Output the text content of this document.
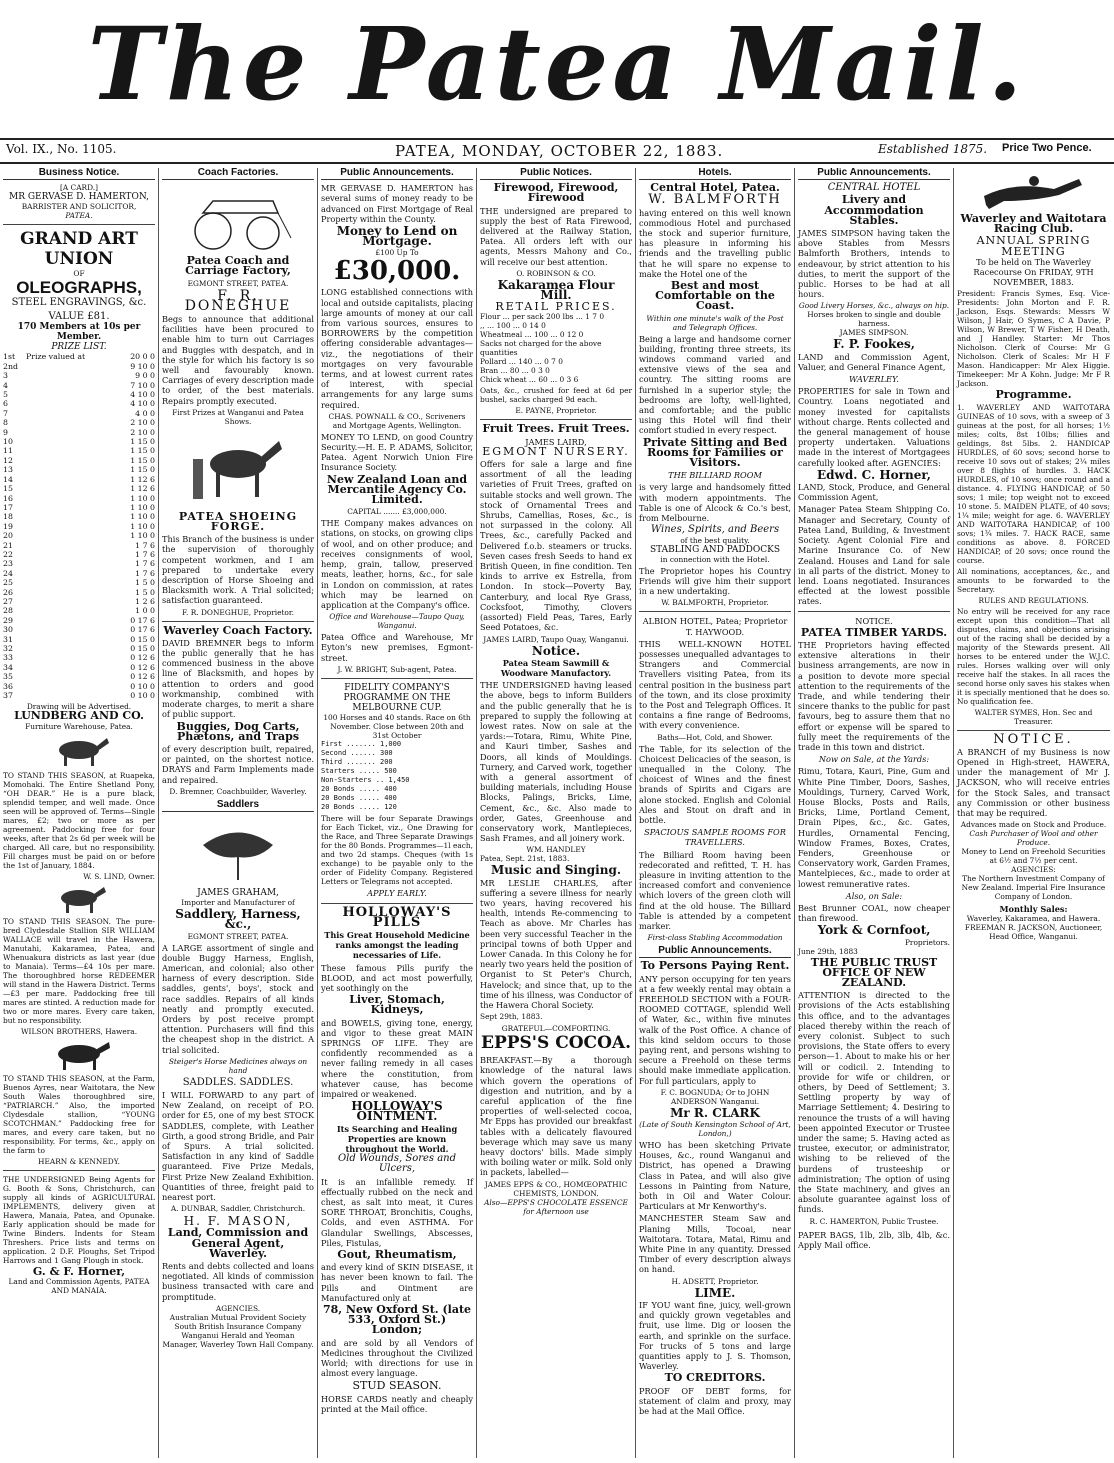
The Patea Mail.
Vol. IX., No. 1105.	PATEA, MONDAY, OCTOBER 22, 1883.	Established 1875. Price Two Pence.
Business Notice.
[A CARD.]
MR GERVASE D. HAMERTON,
BARRISTER AND SOLICITOR,
PATEA.
GRAND ART UNION
OF
OLEOGRAPHS,
STEEL ENGRAVINGS, &c.
VALUE £81.
170 Members at 10s per Member.
PRIZE LIST.
1st	Prize valued at	20 0 0
2nd		9 10 0
3		9 0 0
4		7 10 0
5		4 10 0
6		4 10 0
7		4 0 0
8		2 10 0
9		2 10 0
10		1 15 0
11		1 15 0
12		1 15 0
13		1 15 0
14		1 12 6
15		1 12 6
16		1 10 0
17		1 10 0
18		1 10 0
19		1 10 0
20		1 10 0
21		1 7 6
22		1 7 6
23		1 7 6
24		1 7 6
25		1 5 0
26		1 5 0
27		1 2 6
28		1 0 0
29		0 17 6
30		0 17 6
31		0 15 0
32		0 15 0
33		0 12 6
34		0 12 6
35		0 12 6
36		0 10 0
37		0 10 0
Drawing will be Advertised.
LUNDBERG AND CO.
Furniture Warehouse, Patea.

TO STAND THIS SEASON, at Ruapeka, Momohaki. The Entire Shetland Pony, “OH DEAR.” He is a pure black, splendid temper, and well made. Once seen will be approved of. Terms—Single mares, £2; two or more as per agreement. Paddocking free for four weeks, after that 2s 6d per week will be charged. All care, but no responsibility. Fill charges must be paid on or before the 1st of January, 1884.

W. S. LIND, Owner.

TO STAND THIS SEASON. The pure-bred Clydesdale Stallion SIR WILLIAM WALLACE will travel in the Hawera, Manutahi, Kakaramea, Patea, and Whenuakura districts as last year (due to Manaia). Terms—£4 10s per mare. The thoroughbred horse REDEEMER will stand in the Hawera District. Terms—£3 per mare. Paddocking free till mares are stinted. A reduction made for two or more mares. Every care taken, but no responsibility.

WILSON BROTHERS, Hawera.

TO STAND THIS SEASON, at the Farm, Buenos Ayres, near Waitotara, the New South Wales thoroughbred sire, “PATRIARCH.” Also, the imported Clydesdale stallion, “YOUNG SCOTCHMAN.” Paddocking free for mares, and every care taken, but no responsibility. For terms, &c., apply on the farm to

HEARN & KENNEDY.

THE UNDERSIGNED Being Agents for G. Booth & Sons, Christchurch, can supply all kinds of AGRICULTURAL IMPLEMENTS, delivery given at Hawera, Manaia, Patea, and Opunake. Early application should be made for Twine Binders. Indents for Steam Threshers. Price lists and terms on application. 2 D.F. Ploughs, Set Tripod Harrows and 1 Gang Plough in stock.

G. & F. Horner,
Land and Commission Agents, PATEA AND MANAIA.
Coach Factories.
Patea Coach and Carriage Factory,
EGMONT STREET, PATEA.
F. R. DONEGHUE

Begs to announce that additional facilities have been procured to enable him to turn out Carriages and Buggies with despatch, and in the style for which his factory is so well and favourably known. Carriages of every description made to order, of the best materials. Repairs promptly executed.

First Prizes at Wanganui and Patea Shows.
PATEA SHOEING FORGE.

This Branch of the business is under the supervision of thoroughly competent workmen, and I am prepared to undertake every description of Horse Shoeing and Blacksmith work. A Trial solicited; satisfaction guaranteed.

F. R. DONEGHUE, Proprietor.
Waverley Coach Factory.

DAVID BREMNER begs to inform the public generally that he has commenced business in the above line of Blacksmith, and hopes by attention to orders and good workmanship, combined with moderate charges, to merit a share of public support.

Buggies, Dog Carts, Phætons, and Traps

of every description built, repaired, or painted, on the shortest notice. DRAYS and Farm Implements made and repaired.

D. Bremner, Coachbuilder, Waverley.
Saddlers
JAMES GRAHAM,
Importer and Manufacturer of
Saddlery, Harness, &c.,
EGMONT STREET, PATEA.

A LARGE assortment of single and double Buggy Harness, English, American, and colonial; also other harness of every description. Side saddles, gents', boys', stock and race saddles. Repairs of all kinds neatly and promptly executed. Orders by post receive prompt attention. Purchasers will find this the cheapest shop in the district. A trial solicited.

Steiger's Horse Medicines always on hand
SADDLES. SADDLES.

I WILL FORWARD to any part of New Zealand, on receipt of P.O. order for £5, one of my best STOCK SADDLES, complete, with Leather Girth, a good strong Bridle, and Pair of Spurs. A trial solicited. Satisfaction in any kind of Saddle guaranteed. Five Prize Medals, First Prize New Zealand Exhibition. Quantities of three, freight paid to nearest port.

A. DUNBAR, Saddler, Christchurch.
H. F. MASON,
Land, Commission and General Agent, Waverley.

Rents and debts collected and loans negotiated. All kinds of commission business transacted with care and promptitude.

AGENCIES.
Australian Mutual Provident Society South British Insurance Company Wanganui Herald and Yeoman
Manager, Waverley Town Hall Company.
Public Announcements.

MR GERVASE D. HAMERTON has several sums of money ready to be advanced on First Mortgage of Real Property within the County.

Money to Lend on Mortgage.
£100 Up To
£30,000.

LONG established connections with local and outside capitalists, placing large amounts of money at our call from various sources, ensures to BORROWERS by the competition offering considerable advantages—viz., the negotiations of their mortgages on very favourable terms, and at lowest current rates of interest, with special arrangements for any large sums required.

CHAS. POWNALL & CO., Scriveners and Mortgage Agents, Wellington.

MONEY TO LEND, on good Country Security.—H. E. P. ADAMS, Solicitor, Patea. Agent Norwich Union Fire Insurance Society.

New Zealand Loan and Mercantile Agency Co. Limited.
CAPITAL ....... £3,000,000.

THE Company makes advances on stations, on stocks, on growing clips of wool, and on other produce; and receives consignments of wool, hemp, grain, tallow, preserved meats, leather, horns, &c., for sale in London on commission, at rates which may be learned on application at the Company's office.

Office and Warehouse—Taupo Quay, Wanganui.

Patea Office and Warehouse, Mr Eyton's new premises, Egmont-street.

J. W. BRIGHT, Sub-agent, Patea.
FIDELITY COMPANY'S PROGRAMME ON THE MELBOURNE CUP.
100 Horses and 40 stands. Race on 6th November. Close between 20th and 31st October
First ....... 1,000
Second ...... 300
Third ....... 200
Starters ..... 500
Non-Starters .. 1,450
20 Bonds ..... 400
20 Bonds ..... 400
20 Bonds ..... 120

There will be four Separate Drawings for Each Ticket, viz., One Drawing for the Race, and Three Separate Drawings for the 80 Bonds. Programmes—1l each, and two 2d stamps. Cheques (with 1s exchange) to be payable only to the order of Fidelity Company. Registered Letters or Telegrams not accepted.

APPLY EARLY.
HOLLOWAY'S PILLS
This Great Household Medicine ranks amongst the leading necessaries of Life.

These famous Pills purify the BLOOD, and act most powerfully, yet soothingly on the

Liver, Stomach, Kidneys,

and BOWELS, giving tone, energy, and vigor to these great MAIN SPRINGS OF LIFE. They are confidently recommended as a never failing remedy in all cases where the constitution, from whatever cause, has become impaired or weakened.

HOLLOWAY'S OINTMENT.
Its Searching and Healing Properties are known throughout the World.
Old Wounds, Sores and Ulcers,

It is an infallible remedy. If effectually rubbed on the neck and chest, as salt into meat, it Cures SORE THROAT, Bronchitis, Coughs, Colds, and even ASTHMA. For Glandular Swellings, Abscesses, Piles, Fistulas,

Gout, Rheumatism,

and every kind of SKIN DISEASE, it has never been known to fail. The Pills and Ointment are Manufactured only at

78, New Oxford St. (late 533, Oxford St.) London;

and are sold by all Vendors of Medicines throughout the Civilized World; with directions for use in almost every language.

STUD SEASON.

HORSE CARDS neatly and cheaply printed at the Mail office.

Public Notices.
Firewood, Firewood, Firewood

THE undersigned are prepared to supply the best of Rata Firewood, delivered at the Railway Station, Patea. All orders left with our agents, Messrs Mahony and Co., will receive our best attention.

O. ROBINSON & CO.
Kakaramea Flour Mill.
RETAIL PRICES.
Flour ... per sack 200 lbs ... 1 7 0
,, ... 100 ... 0 14 0
Wheatmeal ... 100 ... 0 12 0
Sacks not charged for the above quantities
Pollard ... 140 ... 0 7 0
Bran ... 80 ... 0 3 0
Chick wheat ... 60 ... 0 3 6

Oats, &c., crushed for feed at 6d per bushel, sacks charged 9d each.

E. PAYNE, Proprietor.
Fruit Trees. Fruit Trees.
JAMES LAIRD,
EGMONT NURSERY.

Offers for sale a large and fine assortment of all the leading varieties of Fruit Trees, grafted on suitable stocks and well grown. The stock of Ornamental Trees and Shrubs, Camellias, Roses, &c., is not surpassed in the colony. All Trees, &c., carefully Packed and Delivered f.o.b. steamers or trucks. Seven cases fresh Seeds to hand ex British Queen, in fine condition. Ten kinds to arrive ex Estrella, from London. In stock—Poverty Bay, Canterbury, and local Rye Grass, Cocksfoot, Timothy, Clovers (assorted) Field Peas, Tares, Early Seed Potatoes, &c.

JAMES LAIRD, Taupo Quay, Wanganui.
Notice.
Patea Steam Sawmill & Woodware Manufactory.

THE UNDERSIGNED having leased the above, begs to inform Builders and the public generally that he is prepared to supply the following at lowest rates. Now on sale at the yards:—Totara, Rimu, White Pine, and Kauri timber, Sashes and Doors, all kinds of Mouldings. Turnery, and Carved work, together with a general assortment of building materials, including House Blocks, Palings, Bricks, Lime, Cement, &c., &c. Also made to order, Gates, Greenhouse and conservatory work, Mantlepieces, Sash Frames, and all joinery work.

WM. HANDLEY
Patea, Sept. 21st, 1883.
Music and Singing.

MR LESLIE CHARLES, after suffering a severe illness for nearly two years, having recovered his health, intends Re-commencing to Teach as above. Mr Charles has been very successful Teacher in the principal towns of both Upper and Lower Canada. In this Colony he for nearly two years held the position of Organist to St Peter's Church, Havelock; and since that, up to the time of his illness, was Conductor of the Hawera Choral Society.

Sept 29th, 1883.
GRATEFUL—COMFORTING.
EPPS'S COCOA.

BREAKFAST.—By a thorough knowledge of the natural laws which govern the operations of digestion and nutrition, and by a careful application of the fine properties of well-selected cocoa, Mr Epps has provided our breakfast tables with a delicately flavoured beverage which may save us many heavy doctors' bills. Made simply with boiling water or milk. Sold only in packets, labelled—

JAMES EPPS & CO., HOMŒOPATHIC CHEMISTS, LONDON.
Also—EPPS'S CHOCOLATE ESSENCE for Afternoon use
Hotels.
Central Hotel, Patea.
W. BALMFORTH

having entered on this well known commodious Hotel and purchased the stock and superior furniture, has pleasure in informing his friends and the travelling public that he will spare no expense to make the Hotel one of the

Best and most Comfortable on the Coast.
Within one minute's walk of the Post and Telegraph Offices.

Being a large and handsome corner building, fronting three streets, its windows command varied and extensive views of the sea and country. The sitting rooms are furnished in a superior style; the bedrooms are lofty, well-lighted, and comfortable; and the public using this Hotel will find their comfort studied in every respect.

Private Sitting and Bed Rooms for Families or Visitors.
THE BILLIARD ROOM

is very large and handsomely fitted with modern appointments. The Table is one of Alcock & Co.'s best, from Melbourne.

Wines, Spirits, and Beers
of the best quality.
STABLING AND PADDOCKS
in connection with the Hotel.

The Proprietor hopes his Country Friends will give him their support in a new undertaking.

W. BALMFORTH, Proprietor.
ALBION HOTEL, Patea; Proprietor T. HAYWOOD.

THIS WELL-KNOWN HOTEL possesses unequalled advantages to Strangers and Commercial Travellers visiting Patea, from its central position in the business part of the town, and its close proximity to the Post and Telegraph Offices. It contains a fine range of Bedrooms, with every convenience.

Baths—Hot, Cold, and Shower.

The Table, for its selection of the Choicest Delicacies of the season, is unequalled in the Colony. The choicest of Wines and the finest brands of Spirits and Cigars are alone stocked. English and Colonial Ales and Stout on draft and in bottle.

SPACIOUS SAMPLE ROOMS FOR TRAVELLERS.

The Billiard Room having been redecorated and refitted, T. H. has pleasure in inviting attention to the increased comfort and convenience which lovers of the green cloth will find at the old house. The Billiard Table is attended by a competent marker.

First-class Stabling Accommodation
Public Announcements.
To Persons Paying Rent.

ANY person occupying for ten years at a few weekly rental may obtain a FREEHOLD SECTION with a FOUR-ROOMED COTTAGE, splendid Well of Water, &c., within five minutes walk of the Post Office. A chance of this kind seldom occurs to those paying rent, and persons wishing to secure a Freehold on these terms should make immediate application. For full particulars, apply to

F. C. BOGNUDA; Or to JOHN ANDERSON Wanganui.
Mr R. CLARK
(Late of South Kensington School of Art, London,)

WHO has been sketching Private Houses, &c., round Wanganui and District, has opened a Drawing Class in Patea, and will also give Lessons in Painting from Nature, both in Oil and Water Colour. Particulars at Mr Kenworthy's.

MANCHESTER Steam Saw and Planing Mills, Tocoai, near Waitotara. Totara, Matai, Rimu and White Pine in any quantity. Dressed Timber of every description always on hand.

H. ADSETT, Proprietor.
LIME.

IF YOU want fine, juicy, well-grown and quickly grown vegetables and fruit, use lime. Dig or loosen the earth, and sprinkle on the surface. For trucks of 5 tons and large quantities apply to J. S. Thomson, Waverley.

TO CREDITORS.

PROOF OF DEBT forms, for statement of claim and proxy, may be had at the Mail Office.

Public Announcements.
CENTRAL HOTEL
Livery and Accommodation Stables.

JAMES SIMPSON having taken the above Stables from Messrs Balmforth Brothers, intends to endeavour, by strict attention to his duties, to merit the support of the public. Horses to be had at all hours.

Good Livery Horses, &c., always on hip.
Horses broken to single and double harness.
JAMES SIMPSON.
F. P. Fookes,

LAND and Commission Agent, Valuer, and General Finance Agent,

WAVERLEY.

PROPERTIES for sale in Town and Country. Loans negotiated and money invested for capitalists without charge. Rents collected and the general management of house property undertaken. Valuations made in the interest of Mortgagees carefully looked after. AGENCIES:

Edwd. C. Horner,

LAND, Stock, Produce, and General Commission Agent,

Manager Patea Steam Shipping Co. Manager and Secretary, County of Patea Land, Building, & Investment Society. Agent Colonial Fire and Marine Insurance Co. of New Zealand. Houses and Land for sale in all parts of the district. Money to lend. Loans negotiated. Insurances effected at the lowest possible rates.

NOTICE.
PATEA TIMBER YARDS.

THE Proprietors having effected extensive alterations in their business arrangements, are now in a position to devote more special attention to the requirements of the Trade, and while tendering their sincere thanks to the public for past favours, beg to assure them that no effort or expense will be spared to fully meet the requirements of the trade in this town and district.

Now on Sale, at the Yards:

Rimu, Totara, Kauri, Pine, Gum and White Pine Timber, Doors, Sashes, Mouldings, Turnery, Carved Work, House Blocks, Posts and Rails, Bricks, Lime, Portland Cement, Drain Pipes, &c., &c. Gates, Hurdles, Ornamental Fencing, Window Frames, Boxes, Crates, Fenders, Greenhouse or Conservatory work, Garden Frames, Mantelpieces, &c., made to order at lowest remunerative rates.

Also, on Sale:

Best Brunner COAL, now cheaper than firewood.

York & Cornfoot,
Proprietors.
June 29th, 1883
THE PUBLIC TRUST OFFICE OF NEW ZEALAND.

ATTENTION is directed to the provisions of the Acts establishing this office, and to the advantages placed thereby within the reach of every colonist. Subject to such provisions, the State offers to every person—1. About to make his or her will or codicil. 2. Intending to provide for wife or children, or others, by Deed of Settlement; 3. Settling property by way of Marriage Settlement; 4. Desiring to renounce the trusts of a will having been appointed Executor or Trustee under the same; 5. Having acted as trustee, executor, or administrator, wishing to be relieved of the burdens of trusteeship or administration; The option of using the State machinery, and gives an absolute guarantee against loss of funds.

R. C. HAMERTON, Public Trustee.

PAPER BAGS, 1lb, 2lb, 3lb, 4lb, &c. Apply Mail office.

Waverley and Waitotara Racing Club.
ANNUAL SPRING MEETING
To be held on The Waverley Racecourse On FRIDAY, 9TH NOVEMBER, 1883.

President: Francis Symes, Esq. Vice-Presidents: John Morton and F. R. Jackson, Esqs. Stewards: Messrs W Wilson, J Hair, O Symes, C A Davie, P Wilson, W Brewer, T W Fisher, H Death, and J Handley. Starter: Mr Thos Nicholson. Clerk of Course: Mr G Nicholson. Clerk of Scales: Mr H F Mason. Handicapper: Mr Alex Higgie. Timekeeper: Mr A Kohn. Judge: Mr F R Jackson.

Programme.

1. WAVERLEY AND WAITOTARA GUINEAS of 10 sovs, with a sweep of 3 guineas at the post, for all horses; 1½ miles; colts, 8st 10lbs; fillies and geldings, 8st 5lbs. 2. HANDICAP HURDLES, of 60 sovs; second horse to receive 10 sovs out of stakes; 2¼ miles over 8 flights of hurdles. 3. HACK HURDLES, of 10 sovs; once round and a distance. 4. FLYING HANDICAP, of 50 sovs; 1 mile; top weight not to exceed 10 stone. 5. MAIDEN PLATE, of 40 sovs; 1¼ mile; weight for age. 6. WAVERLEY AND WAITOTARA HANDICAP, of 100 sovs; 1¾ miles. 7. HACK RACE, same conditions as above. 8. FORCED HANDICAP, of 20 sovs; once round the course.

All nominations, acceptances, &c., and amounts to be forwarded to the Secretary.

RULES AND REGULATIONS.

No entry will be received for any race except upon this condition—That all disputes, claims, and objections arising out of the racing shall be decided by a majority of the Stewards present. All horses to be entered under the W.J.C. rules. Horses walking over will only receive half the stakes. In all races the second horse only saves his stakes when it is specially mentioned that he does so. No qualification fee.

WALTER SYMES, Hon. Sec and Treasurer.
NOTICE.

A BRANCH of my Business is now Opened in High-street, HAWERA, under the management of Mr J. JACKSON, who will receive entries for the Stock Sales, and transact any Commission or other business that may be required.

Advances made on Stock and Produce.
Cash Purchaser of Wool and other Produce.
Money to Lend on Freehold Securities at 6½ and 7½ per cent.
AGENCIES:
The Northern Investment Company of New Zealand. Imperial Fire Insurance Company of London.
Monthly Sales:
Waverley, Kakaramea, and Hawera.
FREEMAN R. JACKSON, Auctioneer, Head Office, Wanganui.
